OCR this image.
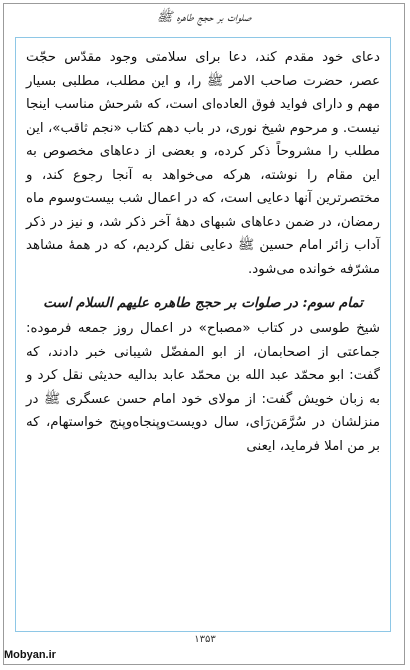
صلوات بر حجج طاهره ﷺ

دعای خود مقدم کند، دعا برای سلامتی وجود مقدّس حجّت عصر، حضرت صاحب الامر ﷺ را، و این مطلب، مطلبی بسیار مهم و دارای فواید فوق العاده‌ای است، که شرحش مناسب اینجا نیست. و مرحوم شیخ نوری، در باب دهم کتاب «نجم ثاقب»، این مطلب را مشروحاً ذکر کرده، و بعضی از دعاهای مخصوص به این مقام را نوشته، هرکه می‌خواهد به آنجا رجوع کند، و مختصرترین آنها دعایی است، که در اعمال شب بیست‌وسوم ماه رمضان، در ضمن دعاهای شبهای دههٔ آخر ذکر شد، و نیز در ذکر آداب زائر امام حسین ﷺ دعایی نقل کردیم، که در همهٔ مشاهد مشرّفه خوانده می‌شود.

تمام سوم: در صلوات بر حجج طاهره علیهم السلام است

شیخ طوسی در کتاب «مصباح» در اعمال روز جمعه فرموده: جماعتی از اصحابمان، از ابو المفضّل شیبانی خبر دادند، که گفت: ابو محمّد عبد الله بن محمّد عابد بدالیه حدیثی نقل کرد و به زبان خویش گفت: از مولای خود امام حسن عسگری ﷺ در منزلشان در سُرَّمَن‌رَای، سال دویست‌وپنجاه‌وپنج خواستهام، که بر من املا فرماید، ایعنی

۱۳۵۳
Mobyan.ir
